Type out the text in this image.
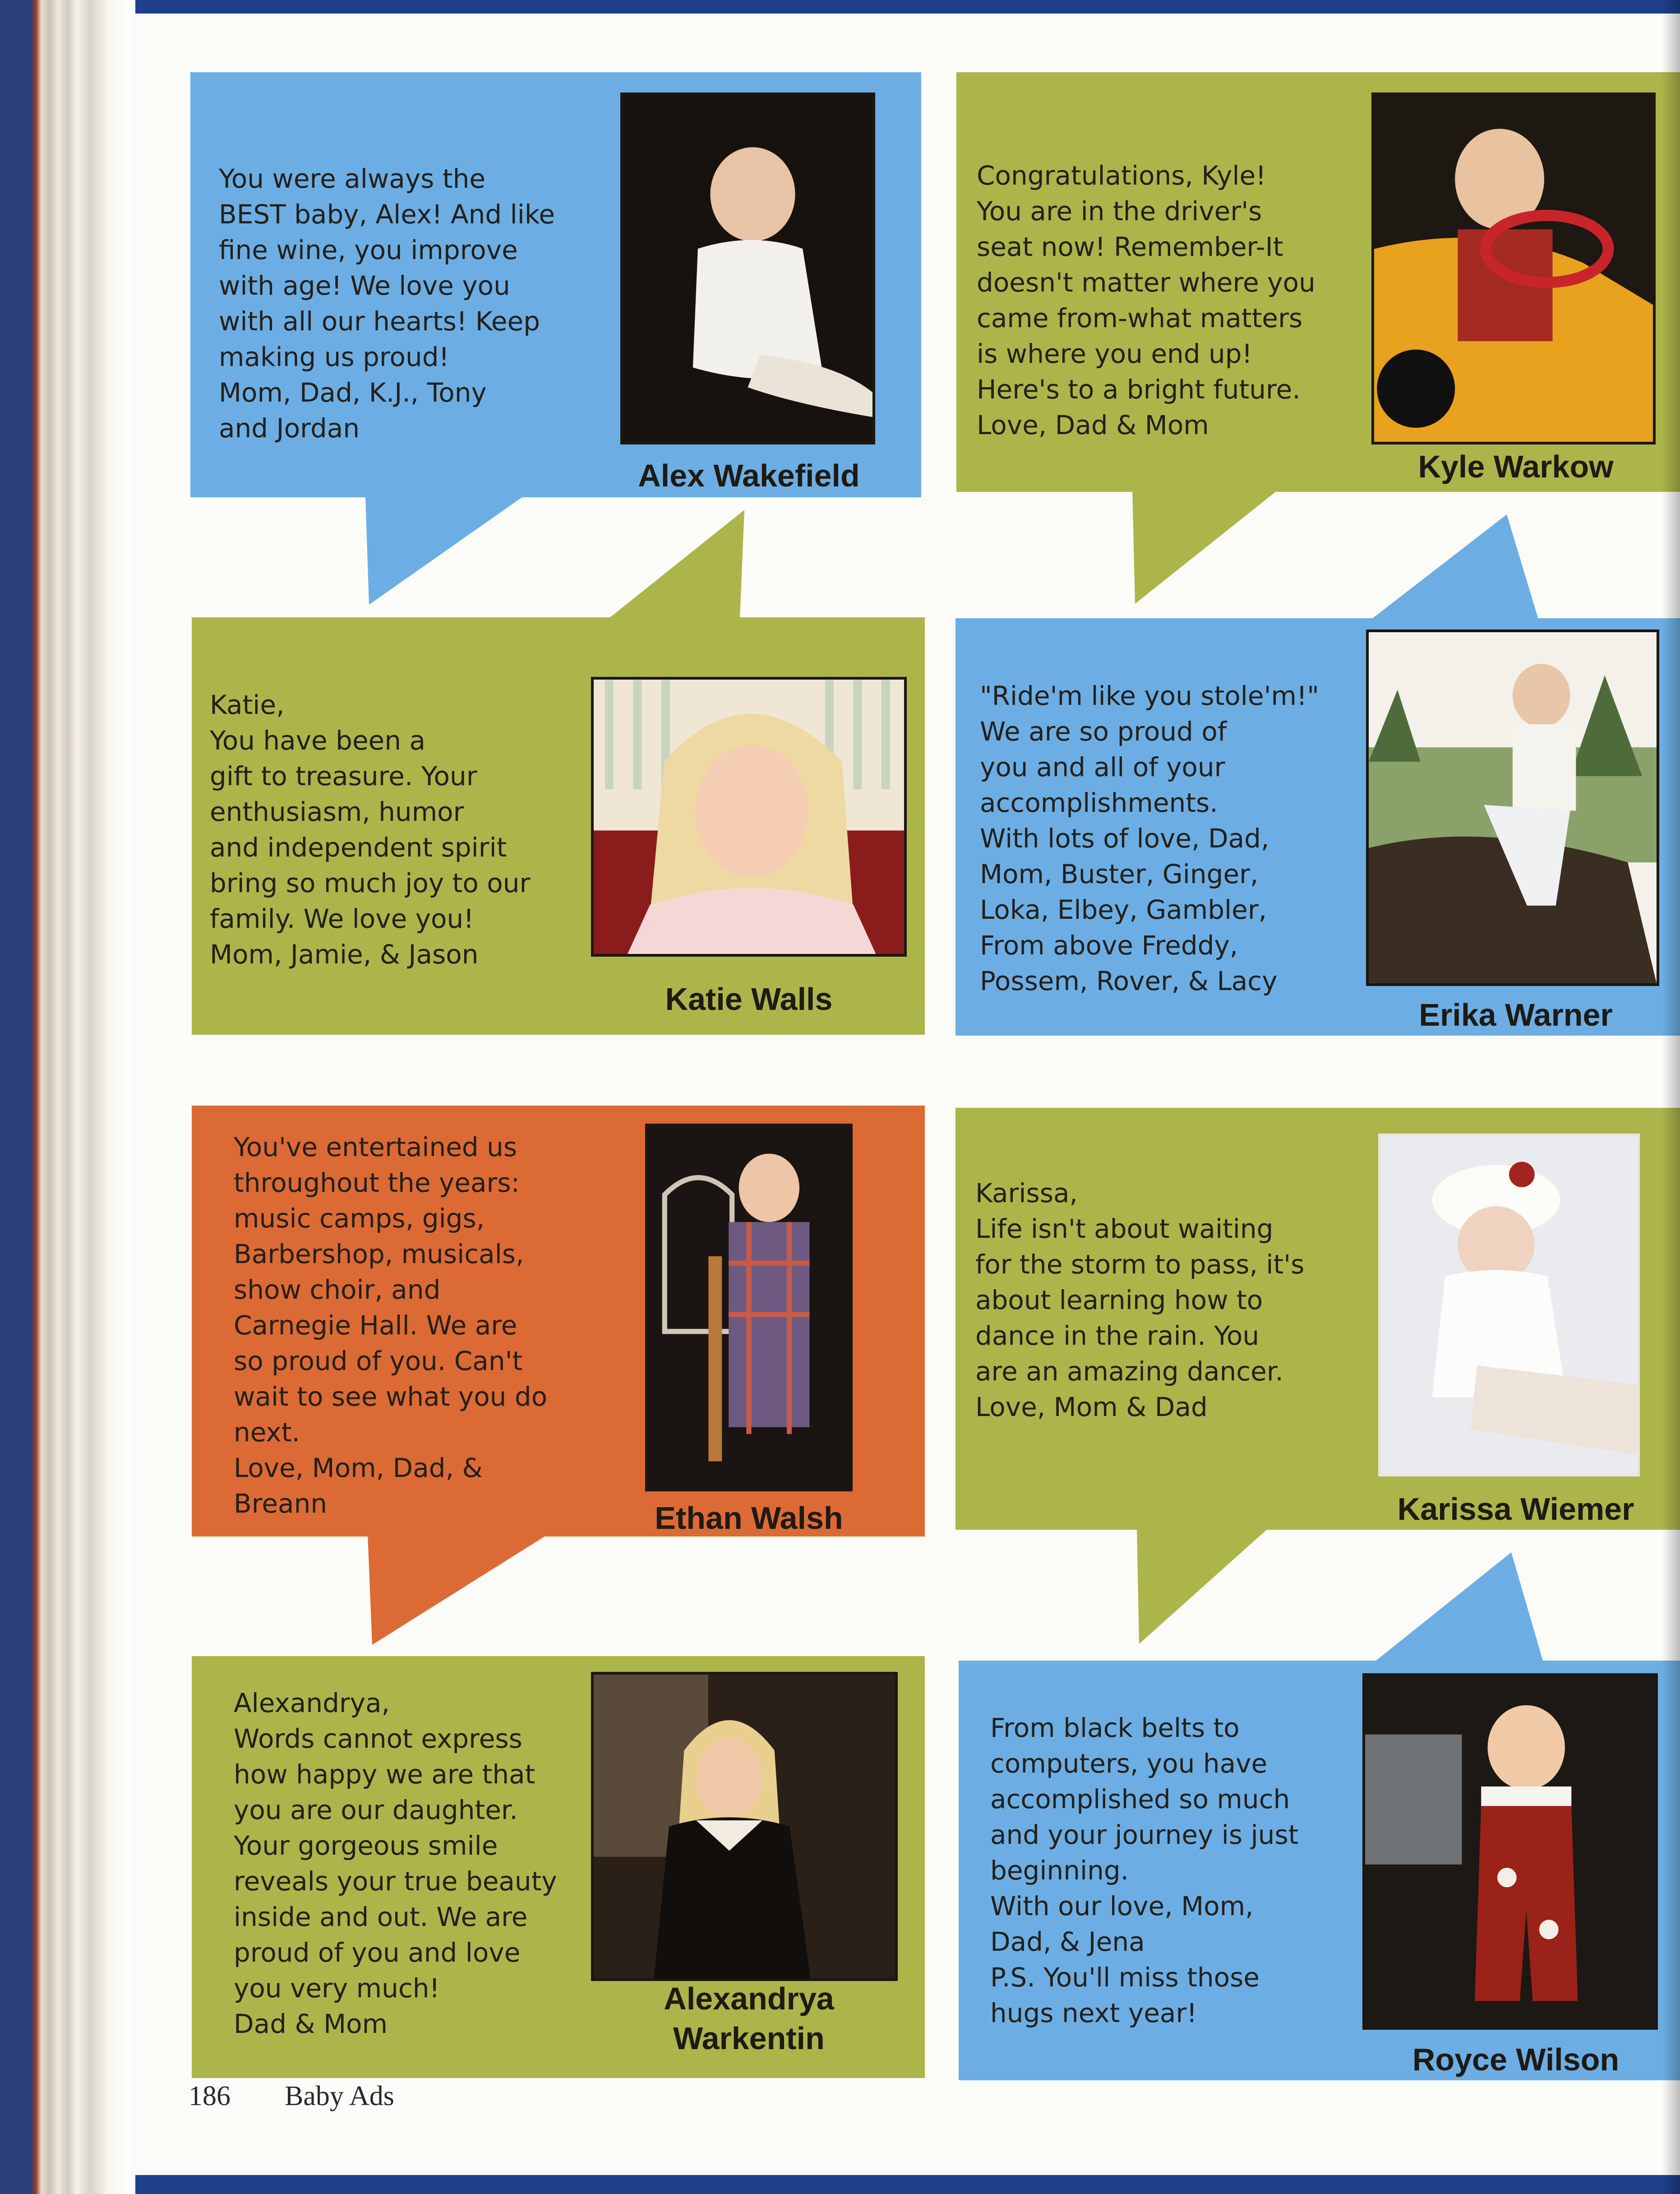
You were always the
BEST baby, Alex! And like
fine wine, you improve
with age! We love you
with all our hearts! Keep
making us proud!
Mom, Dad, K.J., Tony
and Jordan

Alex Wakefield

Congratulations, Kyle!
You are in the driver's
seat now! Remember-It
doesn't matter where you
came from-what matters
is where you end up!
Here's to a bright future.
Love, Dad & Mom

Kyle Warkow

Katie,
You have been a
gift to treasure. Your
enthusiasm, humor
and independent spirit
bring so much joy to our
family. We love you!
Mom, Jamie, & Jason

Katie Walls

"Ride'm like you stole'm!"
We are so proud of
you and all of your
accomplishments.
With lots of love, Dad,
Mom, Buster, Ginger,
Loka, Elbey, Gambler,
From above Freddy,
Possem, Rover, & Lacy

Erika Warner

You've entertained us
throughout the years:
music camps, gigs,
Barbershop, musicals,
show choir, and
Carnegie Hall. We are
so proud of you. Can't
wait to see what you do
next.
Love, Mom, Dad, &
Breann	Ethan Walsh

Karissa,
Life isn't about waiting
for the storm to pass, it's
about learning how to
dance in the rain. You
are an amazing dancer.
Love, Mom & Dad

Karissa Wiemer

Alexandrya,
Words cannot express
how happy we are that
you are our daughter.
Your gorgeous smile
reveals your true beauty
inside and out. We are
proud of you and love
you very much!
Dad & Mom

Alexandrya
Warkentin

From black belts to
computers, you have
accomplished so much
and your journey is just
beginning.
With our love, Mom,
Dad, & Jena
P.S. You'll miss those
hugs next year!

Royce Wilson
186 Baby Ads
